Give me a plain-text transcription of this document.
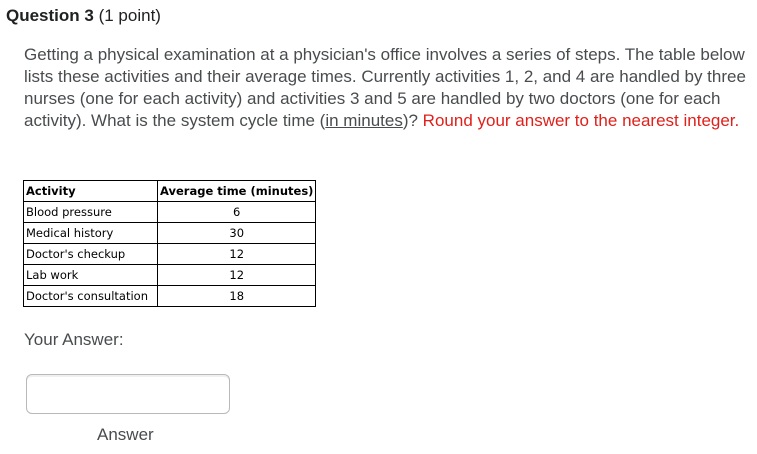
Question 3 (1 point)
Getting a physical examination at a physician's office involves a series of steps. The table below lists these activities and their average times. Currently activities 1, 2, and 4 are handled by three nurses (one for each activity) and activities 3 and 5 are handled by two doctors (one for each activity). What is the system cycle time (in minutes)? Round your answer to the nearest integer.
Activity	Average time (minutes)
Blood pressure	6
Medical history	30
Doctor's checkup	12
Lab work	12
Doctor's consultation	18
Your Answer:
Answer
